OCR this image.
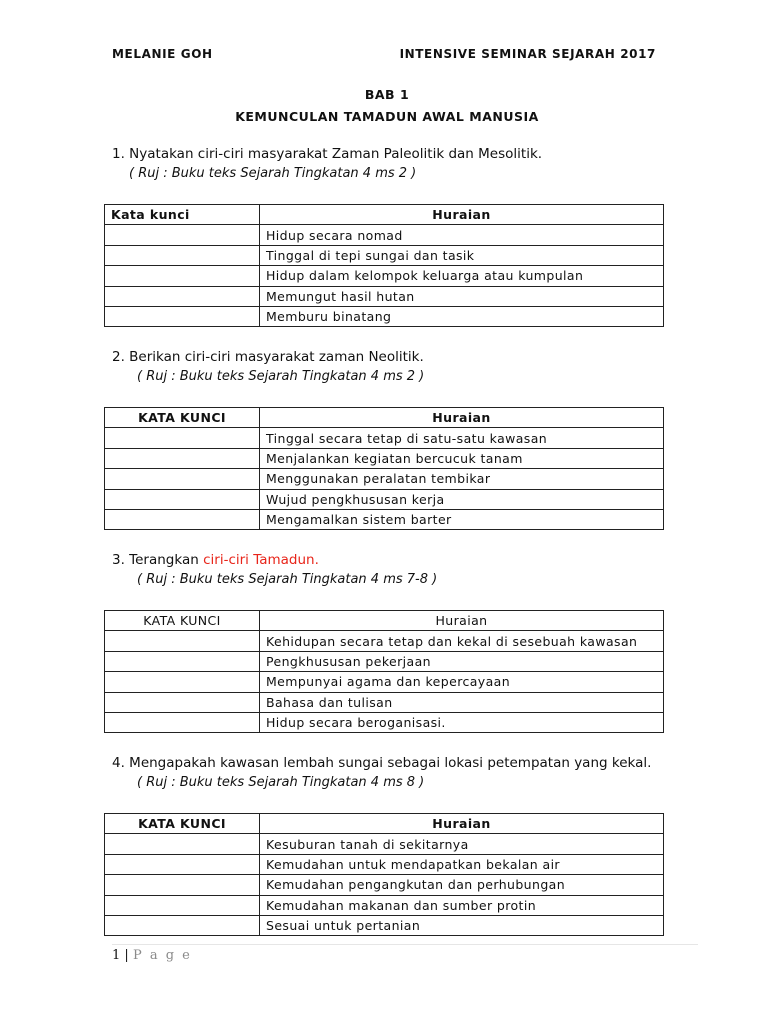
MELANIE GOH	INTENSIVE SEMINAR SEJARAH 2017
BAB 1
KEMUNCULAN TAMADUN AWAL MANUSIA
1. Nyatakan ciri-ciri masyarakat Zaman Paleolitik dan Mesolitik.
( Ruj : Buku teks Sejarah Tingkatan 4 ms 2 )
Kata kunci	Huraian
	Hidup secara nomad
	Tinggal di tepi sungai dan tasik
	Hidup dalam kelompok keluarga atau kumpulan
	Memungut hasil hutan
	Memburu binatang
2. Berikan ciri-ciri masyarakat zaman Neolitik.
( Ruj : Buku teks Sejarah Tingkatan 4 ms 2 )
KATA KUNCI	Huraian
	Tinggal secara tetap di satu-satu kawasan
	Menjalankan kegiatan bercucuk tanam
	Menggunakan peralatan tembikar
	Wujud pengkhususan kerja
	Mengamalkan sistem barter
3. Terangkan ciri-ciri Tamadun.
( Ruj : Buku teks Sejarah Tingkatan 4 ms 7-8 )
KATA KUNCI	Huraian
	Kehidupan secara tetap dan kekal di sesebuah kawasan
	Pengkhususan pekerjaan
	Mempunyai agama dan kepercayaan
	Bahasa dan tulisan
	Hidup secara beroganisasi.
4. Mengapakah kawasan lembah sungai sebagai lokasi petempatan yang kekal.
( Ruj : Buku teks Sejarah Tingkatan 4 ms 8 )
KATA KUNCI	Huraian
	Kesuburan tanah di sekitarnya
	Kemudahan untuk mendapatkan bekalan air
	Kemudahan pengangkutan dan perhubungan
	Kemudahan makanan dan sumber protin
	Sesuai untuk pertanian
1 | P a g e
